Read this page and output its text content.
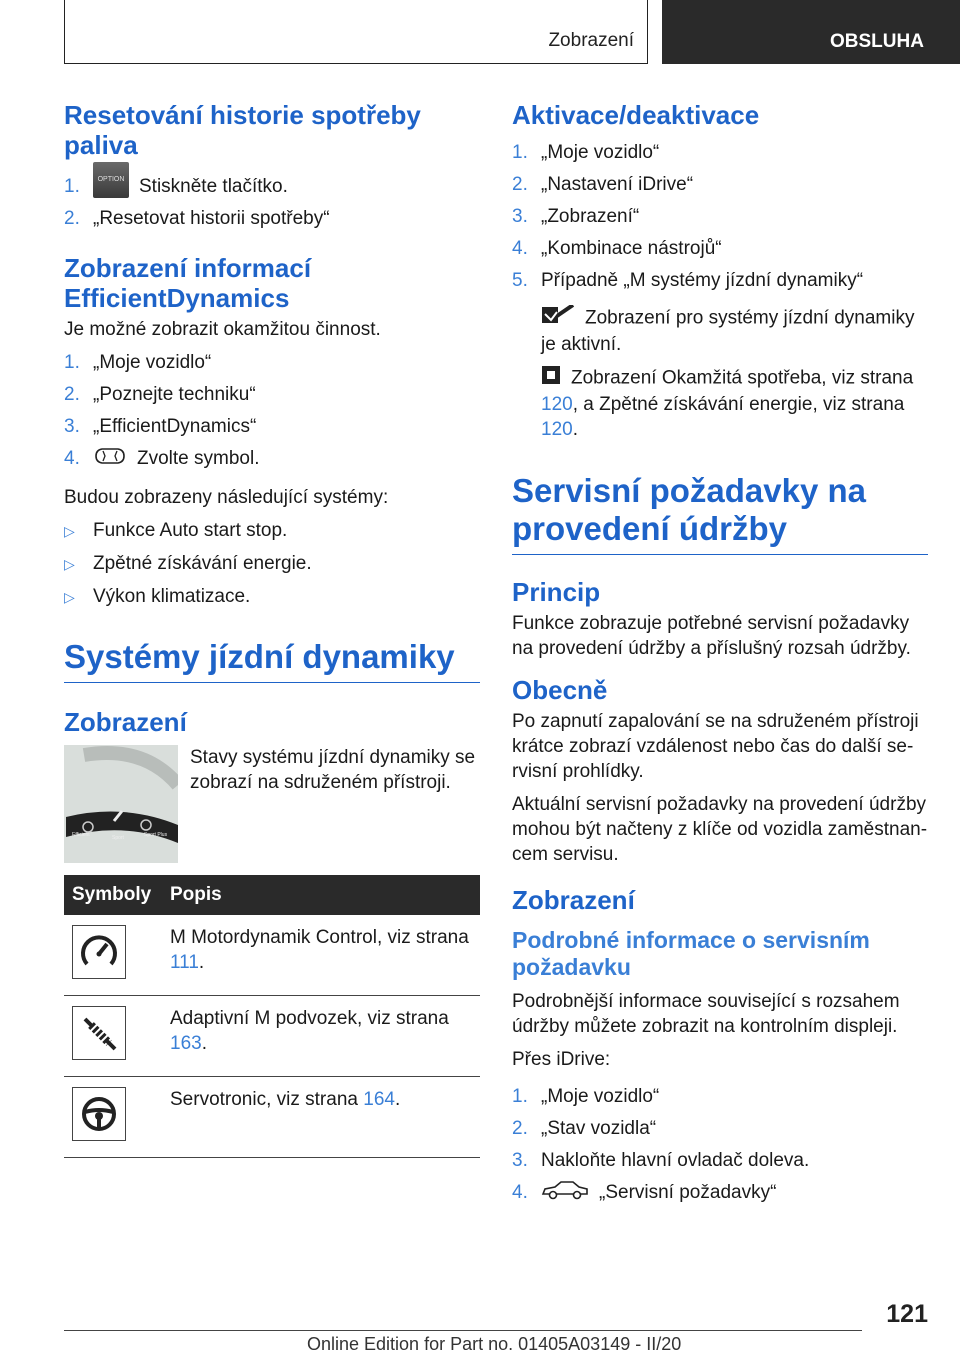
Zobrazení	OBSLUHA
Resetování historie spotřeby paliva
1.	OPTION Stiskněte tlačítko.
2. „Resetovat historii spotřeby“
Zobrazení informací EfficientDynamics
Je možné zobrazit okamžitou činnost.
1. „Moje vozidlo“
2. „Poznejte techniku“
3. „EfficientDynamics“
4.	Zvolte symbol.
Budou zobrazeny následující systémy:
▷ Funkce Auto start stop.
▷ Zpětné získávání energie.
▷ Výkon klimatizace.
Systémy jízdní dynamiky
Zobrazení
Efficient	Sport	Sport Plus
Stavy systému jízdní dynamiky se zobrazí na sdruženém přístroji.
Symboly	Popis

	M Motordynamik Control, viz strana 111.

	Adaptivní M podvozek, viz strana 163.

	Servotronic, viz strana 164.
Aktivace/deaktivace
1. „Moje vozidlo“
2. „Nastavení iDrive“
3. „Zobrazení“
4. „Kombinace nástrojů“
5. Případně „M systémy jízdní dynamiky“
Zobrazení pro systémy jízdní dynamiky je aktivní.
Zobrazení Okamžitá spotřeba, viz strana 120, a Zpětné získávání energie, viz strana 120.
Servisní požadavky na provedení údržby
Princip
Funkce zobrazuje potřebné servisní požadavky na provedení údržby a příslušný rozsah údržby.
Obecně
Po zapnutí zapalování se na sdruženém přístroji krátce zobrazí vzdálenost nebo čas do další se-rvisní prohlídky.
Aktuální servisní požadavky na provedení údržby mohou být načteny z klíče od vozidla zaměstnan-cem servisu.
Zobrazení
Podrobné informace o servisním požadavku
Podrobnější informace související s rozsahem údržby můžete zobrazit na kontrolním displeji.
Přes iDrive:
1. „Moje vozidlo“
2. „Stav vozidla“
3. Nakloňte hlavní ovladač doleva.
4.	„Servisní požadavky“
121
Online Edition for Part no. 01405A03149 - II/20
